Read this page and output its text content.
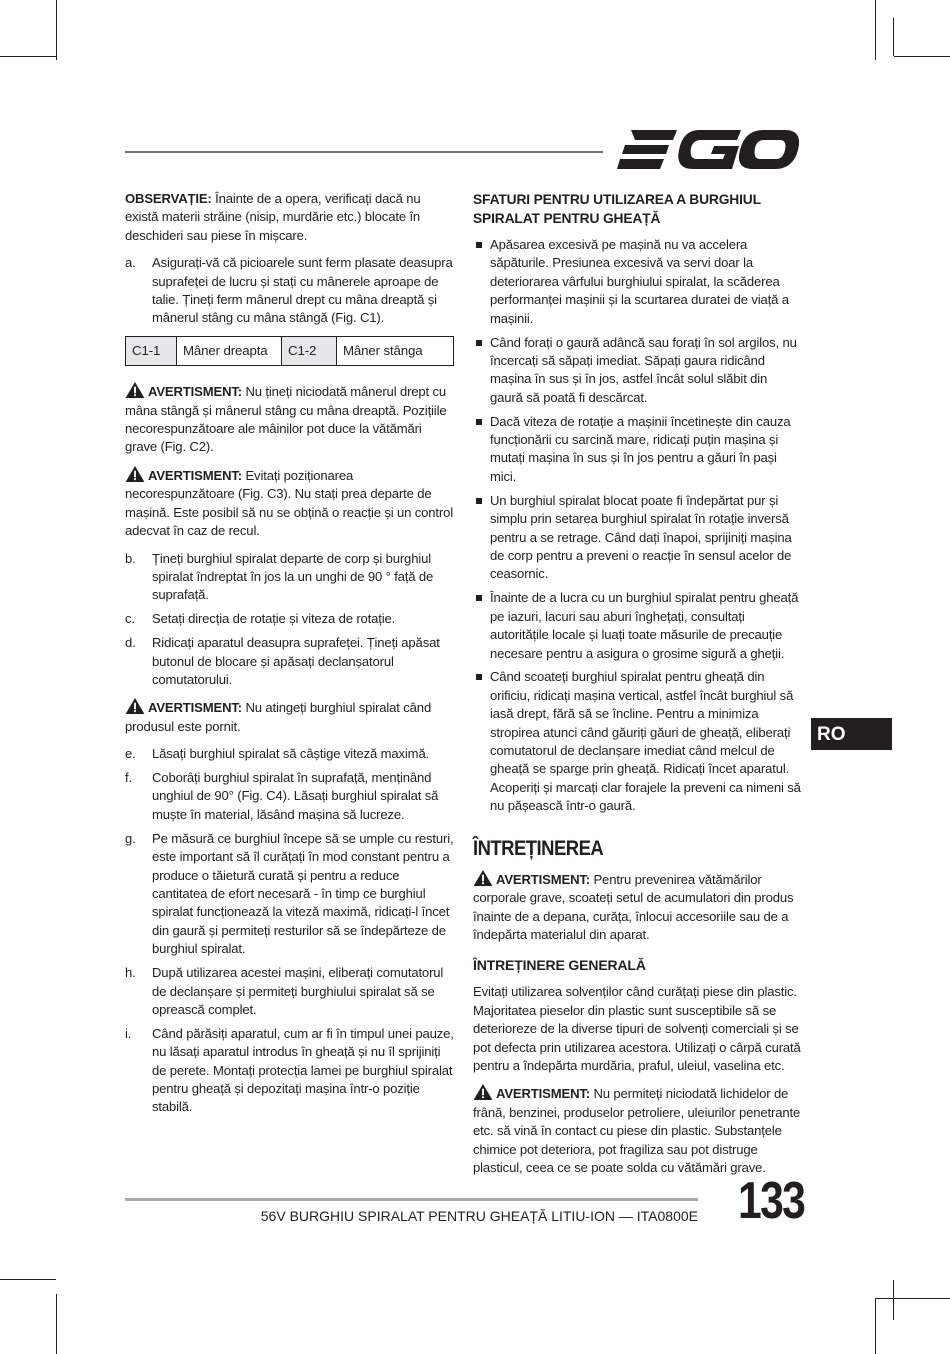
OBSERVAȚIE: Înainte de a opera, verificați dacă nu există materii străine (nisip, murdărie etc.) blocate în deschideri sau piese în mișcare.

a. Asigurați-vă că picioarele sunt ferm plasate deasupra suprafeței de lucru și stați cu mânerele aproape de talie. Țineți ferm mânerul drept cu mâna dreaptă și mânerul stâng cu mâna stângă (Fig. C1).
C1-1	Mâner dreapta	C1-2	Mâner stânga

AVERTISMENT: Nu țineți niciodată mânerul drept cu mâna stângă și mânerul stâng cu mâna dreaptă. Pozițiile necorespunzătoare ale mâinilor pot duce la vătămări grave (Fig. C2).

AVERTISMENT: Evitați poziționarea necorespunzătoare (Fig. C3). Nu stați prea departe de mașină. Este posibil să nu se obțină o reacție și un control adecvat în caz de recul.

b. Țineți burghiul spiralat departe de corp și burghiul spiralat îndreptat în jos la un unghi de 90 ° față de suprafață.
c. Setați direcția de rotație și viteza de rotație.
d. Ridicați aparatul deasupra suprafeței. Țineți apăsat butonul de blocare și apăsați declanșatorul comutatorului.

AVERTISMENT: Nu atingeți burghiul spiralat când produsul este pornit.

e. Lăsați burghiul spiralat să câștige viteză maximă.
f. Coborâți burghiul spiralat în suprafață, menținând unghiul de 90° (Fig. C4). Lăsați burghiul spiralat să muște în material, lăsând mașina să lucreze.
g. Pe măsură ce burghiul începe să se umple cu resturi, este important să îl curățați în mod constant pentru a produce o tăietură curată și pentru a reduce cantitatea de efort necesară - în timp ce burghiul spiralat funcționează la viteză maximă, ridicați-l încet din gaură și permiteți resturilor să se îndepărteze de burghiul spiralat.
h. După utilizarea acestei mașini, eliberați comutatorul de declanșare și permiteți burghiului spiralat să se oprească complet.
i. Când părăsiți aparatul, cum ar fi în timpul unei pauze, nu lăsați aparatul introdus în gheață și nu îl sprijiniți de perete. Montați protecția lamei pe burghiul spiralat pentru gheață și depozitați mașina într-o poziție stabilă.
SFATURI PENTRU UTILIZAREA A BURGHIUL SPIRALAT PENTRU GHEAȚĂ
Apăsarea excesivă pe mașină nu va accelera săpăturile. Presiunea excesivă va servi doar la deteriorarea vârfului burghiului spiralat, la scăderea performanței mașinii și la scurtarea duratei de viață a mașinii.
Când forați o gaură adâncă sau forați în sol argilos, nu încercați să săpați imediat. Săpați gaura ridicând mașina în sus și în jos, astfel încât solul slăbit din gaură să poată fi descărcat.
Dacă viteza de rotație a mașinii încetinește din cauza funcționării cu sarcină mare, ridicați puțin mașina și mutați mașina în sus și în jos pentru a găuri în pași mici.
Un burghiul spiralat blocat poate fi îndepărtat pur și simplu prin setarea burghiul spiralat în rotație inversă pentru a se retrage. Când dați înapoi, sprijiniți mașina de corp pentru a preveni o reacție în sensul acelor de ceasornic.
Înainte de a lucra cu un burghiul spiralat pentru gheață pe iazuri, lacuri sau aburi înghețați, consultați autoritățile locale și luați toate măsurile de precauție necesare pentru a asigura o grosime sigură a gheții.
Când scoateți burghiul spiralat pentru gheață din orificiu, ridicați mașina vertical, astfel încât burghiul să iasă drept, fără să se încline. Pentru a minimiza stropirea atunci când găuriți găuri de gheață, eliberați comutatorul de declanșare imediat când melcul de gheață se sparge prin gheață. Ridicați încet aparatul. Acoperiți și marcați clar forajele la preveni ca nimeni să nu pășească într-o gaură.
ÎNTREȚINEREA

AVERTISMENT: Pentru prevenirea vătămărilor corporale grave, scoateți setul de acumulatori din produs înainte de a depana, curăța, înlocui accesoriile sau de a îndepărta materialul din aparat.

ÎNTREȚINERE GENERALĂ

Evitați utilizarea solvenților când curățați piese din plastic. Majoritatea pieselor din plastic sunt susceptibile să se deterioreze de la diverse tipuri de solvenți comerciali și se pot defecta prin utilizarea acestora. Utilizați o cârpă curată pentru a îndepărta murdăria, praful, uleiul, vaselina etc.

AVERTISMENT: Nu permiteți niciodată lichidelor de frână, benzinei, produselor petroliere, uleiurilor penetrante etc. să vină în contact cu piese din plastic. Substanțele chimice pot deteriora, pot fragiliza sau pot distruge plasticul, ceea ce se poate solda cu vătămări grave.

RO
56V BURGHIU SPIRALAT PENTRU GHEAȚĂ LITIU-ION — ITA0800E 133
